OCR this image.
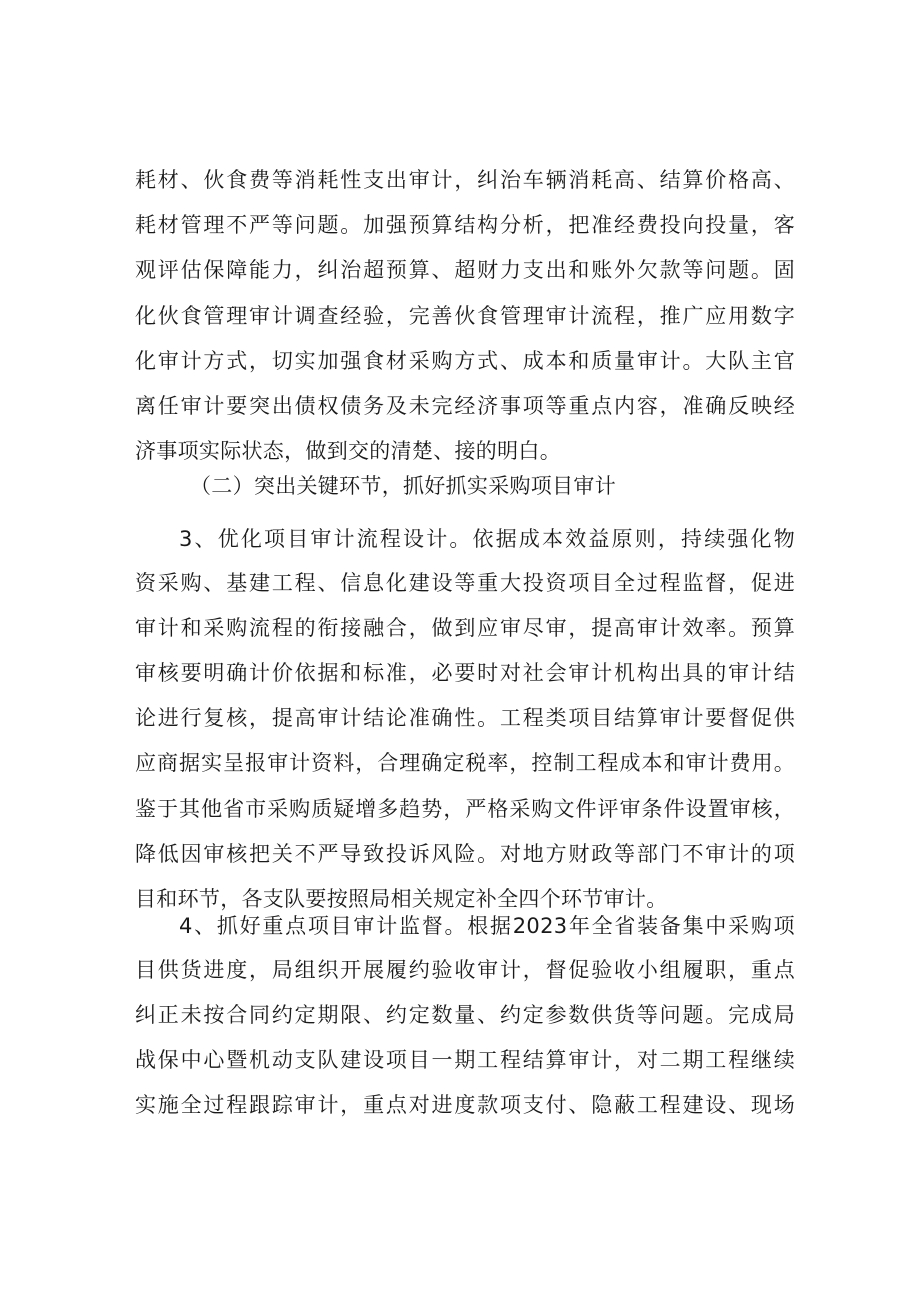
耗材、伙食费等消耗性支出审计，纠治车辆消耗高、结算价格高、
耗材管理不严等问题。加强预算结构分析，把准经费投向投量，客
观评估保障能力，纠治超预算、超财力支出和账外欠款等问题。固
化伙食管理审计调查经验，完善伙食管理审计流程，推广应用数字
化审计方式，切实加强食材采购方式、成本和质量审计。大队主官
离任审计要突出债权债务及未完经济事项等重点内容，准确反映经
济事项实际状态，做到交的清楚、接的明白。
（二）突出关键环节，抓好抓实采购项目审计
3、优化项目审计流程设计。依据成本效益原则，持续强化物
资采购、基建工程、信息化建设等重大投资项目全过程监督，促进
审计和采购流程的衔接融合，做到应审尽审，提高审计效率。预算
审核要明确计价依据和标准，必要时对社会审计机构出具的审计结
论进行复核，提高审计结论准确性。工程类项目结算审计要督促供
应商据实呈报审计资料，合理确定税率，控制工程成本和审计费用。
鉴于其他省市采购质疑增多趋势，严格采购文件评审条件设置审核，
降低因审核把关不严导致投诉风险。对地方财政等部门不审计的项
目和环节，各支队要按照局相关规定补全四个环节审计。
4、抓好重点项目审计监督。根据2023年全省装备集中采购项
目供货进度，局组织开展履约验收审计，督促验收小组履职，重点
纠正未按合同约定期限、约定数量、约定参数供货等问题。完成局
战保中心暨机动支队建设项目一期工程结算审计，对二期工程继续
实施全过程跟踪审计，重点对进度款项支付、隐蔽工程建设、现场
